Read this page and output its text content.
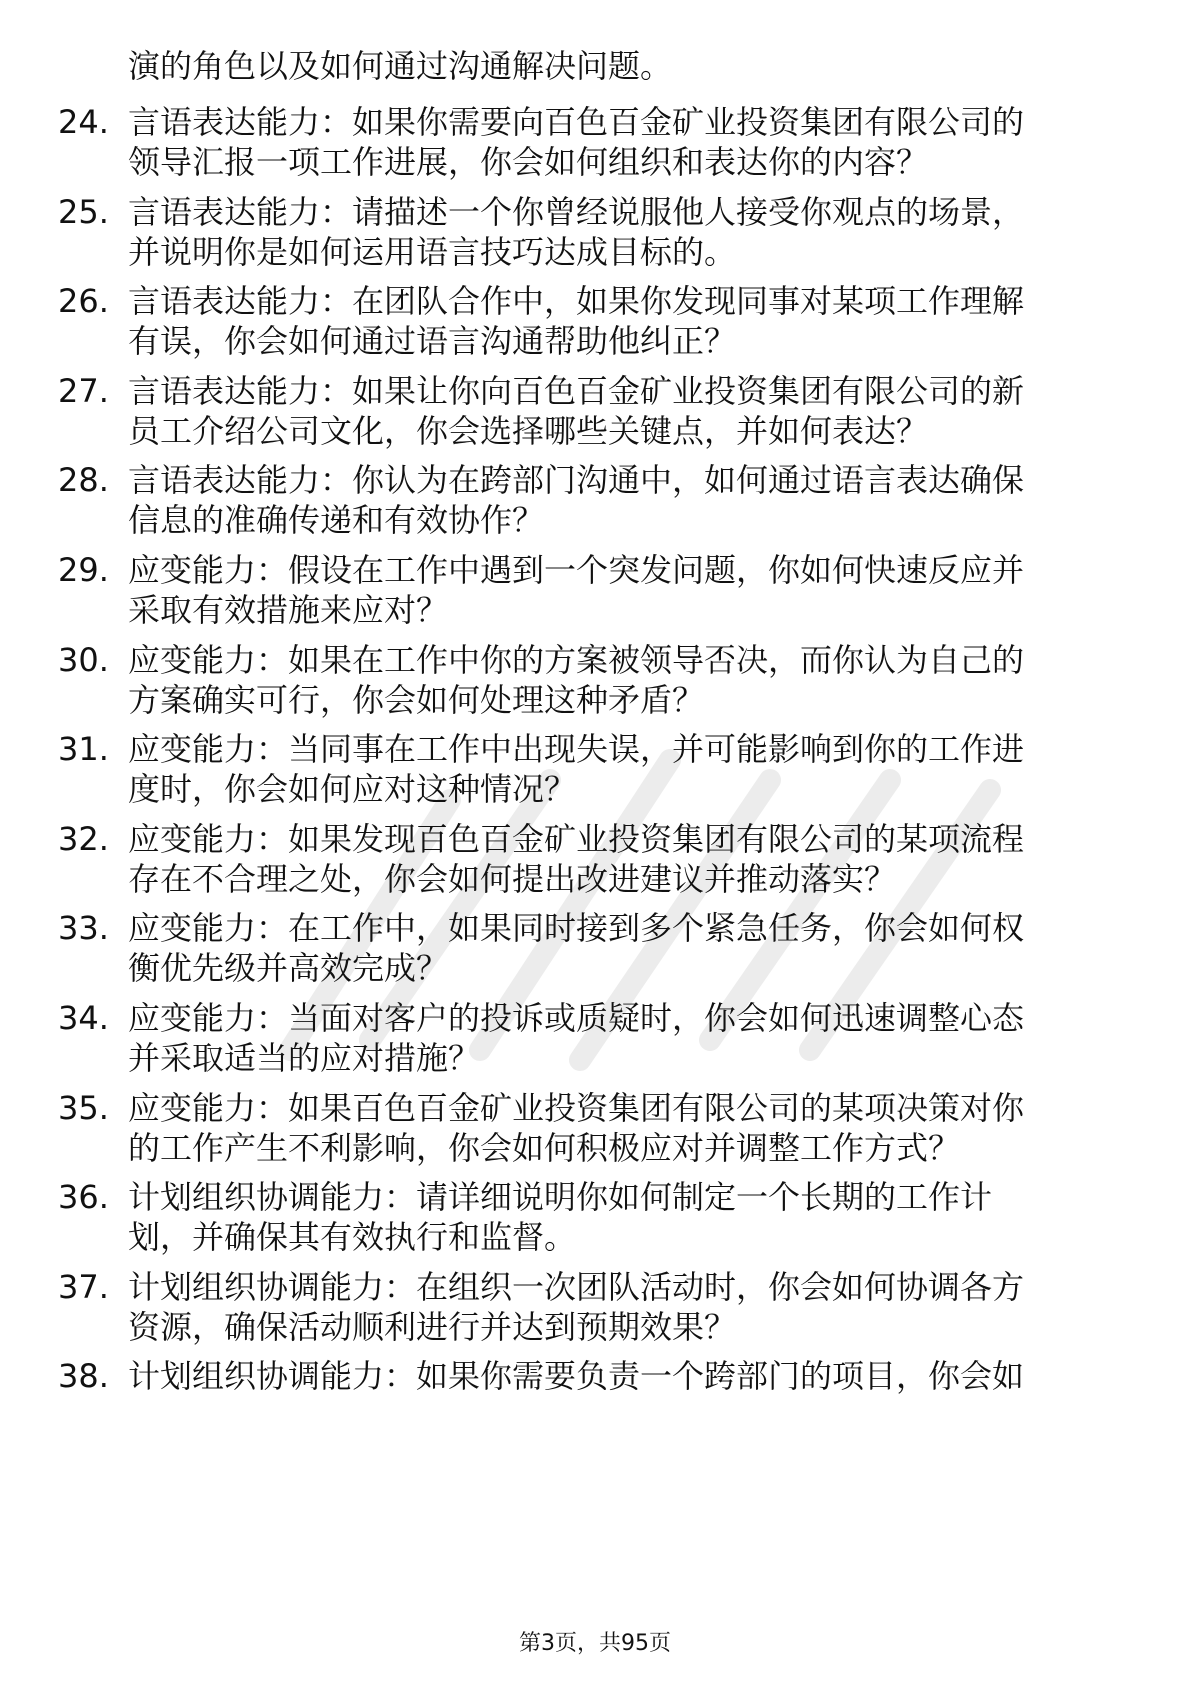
演的角色以及如何通过沟通解决问题。
24. 言语表达能力：如果你需要向百色百金矿业投资集团有限公司的
领导汇报一项工作进展，你会如何组织和表达你的内容？
25. 言语表达能力：请描述一个你曾经说服他人接受你观点的场景，
并说明你是如何运用语言技巧达成目标的。
26. 言语表达能力：在团队合作中，如果你发现同事对某项工作理解
有误，你会如何通过语言沟通帮助他纠正？
27. 言语表达能力：如果让你向百色百金矿业投资集团有限公司的新
员工介绍公司文化，你会选择哪些关键点，并如何表达？
28. 言语表达能力：你认为在跨部门沟通中，如何通过语言表达确保
信息的准确传递和有效协作？
29. 应变能力：假设在工作中遇到一个突发问题，你如何快速反应并
采取有效措施来应对？
30. 应变能力：如果在工作中你的方案被领导否决，而你认为自己的
方案确实可行，你会如何处理这种矛盾？
31. 应变能力：当同事在工作中出现失误，并可能影响到你的工作进
度时，你会如何应对这种情况？
32. 应变能力：如果发现百色百金矿业投资集团有限公司的某项流程
存在不合理之处，你会如何提出改进建议并推动落实？
33. 应变能力：在工作中，如果同时接到多个紧急任务，你会如何权
衡优先级并高效完成？
34. 应变能力：当面对客户的投诉或质疑时，你会如何迅速调整心态
并采取适当的应对措施？
35. 应变能力：如果百色百金矿业投资集团有限公司的某项决策对你
的工作产生不利影响，你会如何积极应对并调整工作方式？
36. 计划组织协调能力：请详细说明你如何制定一个长期的工作计
划，并确保其有效执行和监督。
37. 计划组织协调能力：在组织一次团队活动时，你会如何协调各方
资源，确保活动顺利进行并达到预期效果？
38. 计划组织协调能力：如果你需要负责一个跨部门的项目，你会如
第3页，共95页
